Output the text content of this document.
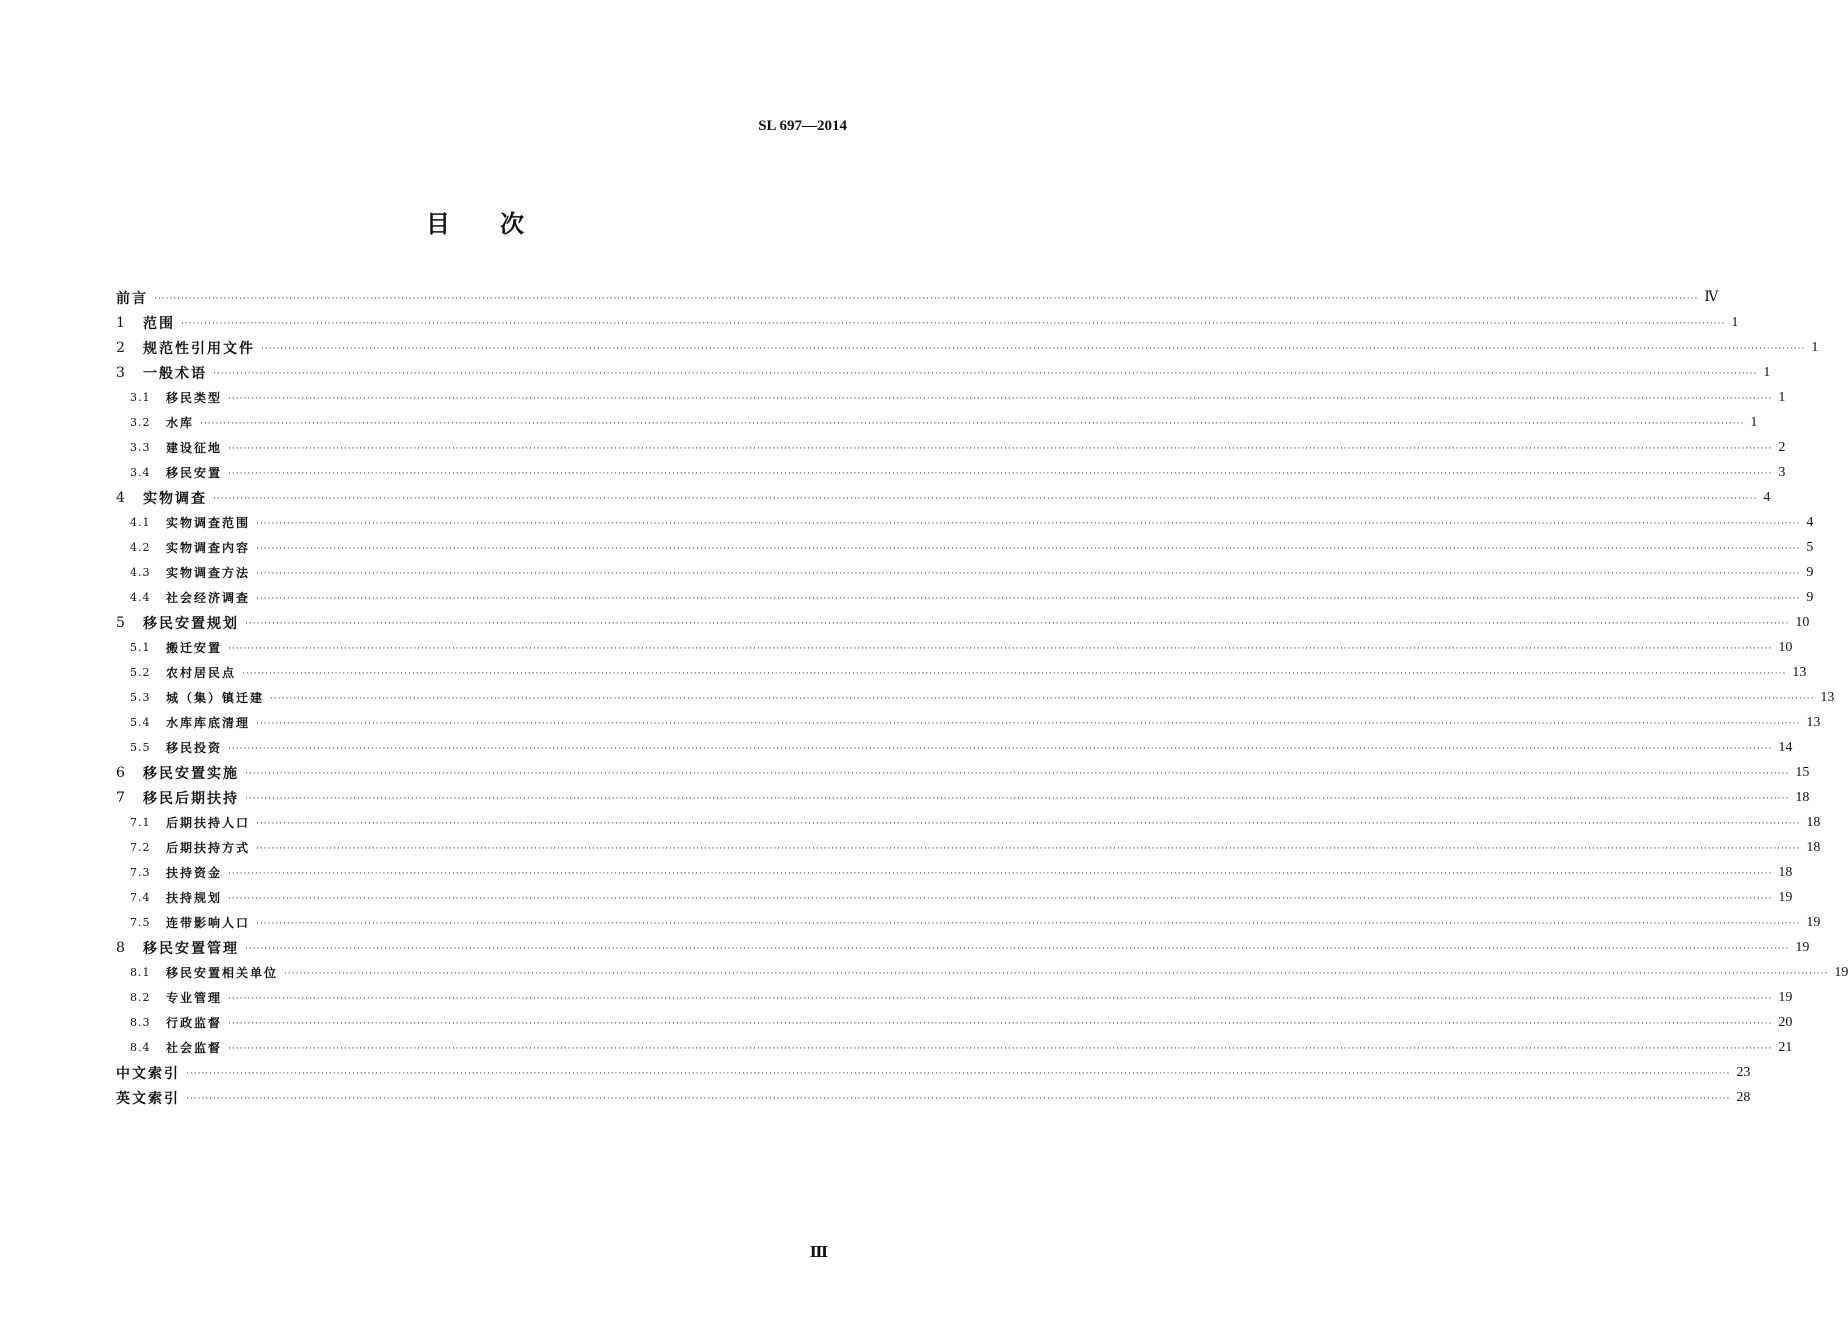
SL 697—2014
目次
前言 ················································································································································································································································································································································································································ Ⅳ
1	范围 ················································································································································································································································································································································································································ 1
2	规范性引用文件 ················································································································································································································································································································································································································ 1
3	一般术语 ················································································································································································································································································································································································································ 1
3.1	移民类型 ················································································································································································································································································································································································································ 1
3.2	水库 ················································································································································································································································································································································································································ 1
3.3	建设征地 ················································································································································································································································································································································································································ 2
3.4	移民安置 ················································································································································································································································································································································································································ 3
4	实物调查 ················································································································································································································································································································································································································ 4
4.1	实物调查范围 ················································································································································································································································································································································································································ 4
4.2	实物调查内容 ················································································································································································································································································································································································································ 5
4.3	实物调查方法 ················································································································································································································································································································································································································ 9
4.4	社会经济调查 ················································································································································································································································································································································································································ 9
5	移民安置规划 ················································································································································································································································································································································································································ 10
5.1	搬迁安置 ················································································································································································································································································································································································································ 10
5.2	农村居民点 ················································································································································································································································································································································································································ 13
5.3	城（集）镇迁建 ················································································································································································································································································································································································································ 13
5.4	水库库底清理 ················································································································································································································································································································································································································ 13
5.5	移民投资 ················································································································································································································································································································································································································ 14
6	移民安置实施 ················································································································································································································································································································································································································ 15
7	移民后期扶持 ················································································································································································································································································································································································································ 18
7.1	后期扶持人口 ················································································································································································································································································································································································································ 18
7.2	后期扶持方式 ················································································································································································································································································································································································································ 18
7.3	扶持资金 ················································································································································································································································································································································································································ 18
7.4	扶持规划 ················································································································································································································································································································································································································ 19
7.5	连带影响人口 ················································································································································································································································································································································································································ 19
8	移民安置管理 ················································································································································································································································································································································································································ 19
8.1	移民安置相关单位 ················································································································································································································································································································································································································ 19
8.2	专业管理 ················································································································································································································································································································································································································ 19
8.3	行政监督 ················································································································································································································································································································································································································ 20
8.4	社会监督 ················································································································································································································································································································································································································ 21
中文索引 ················································································································································································································································································································································································································ 23
英文索引 ················································································································································································································································································································································································································ 28
Ⅲ
